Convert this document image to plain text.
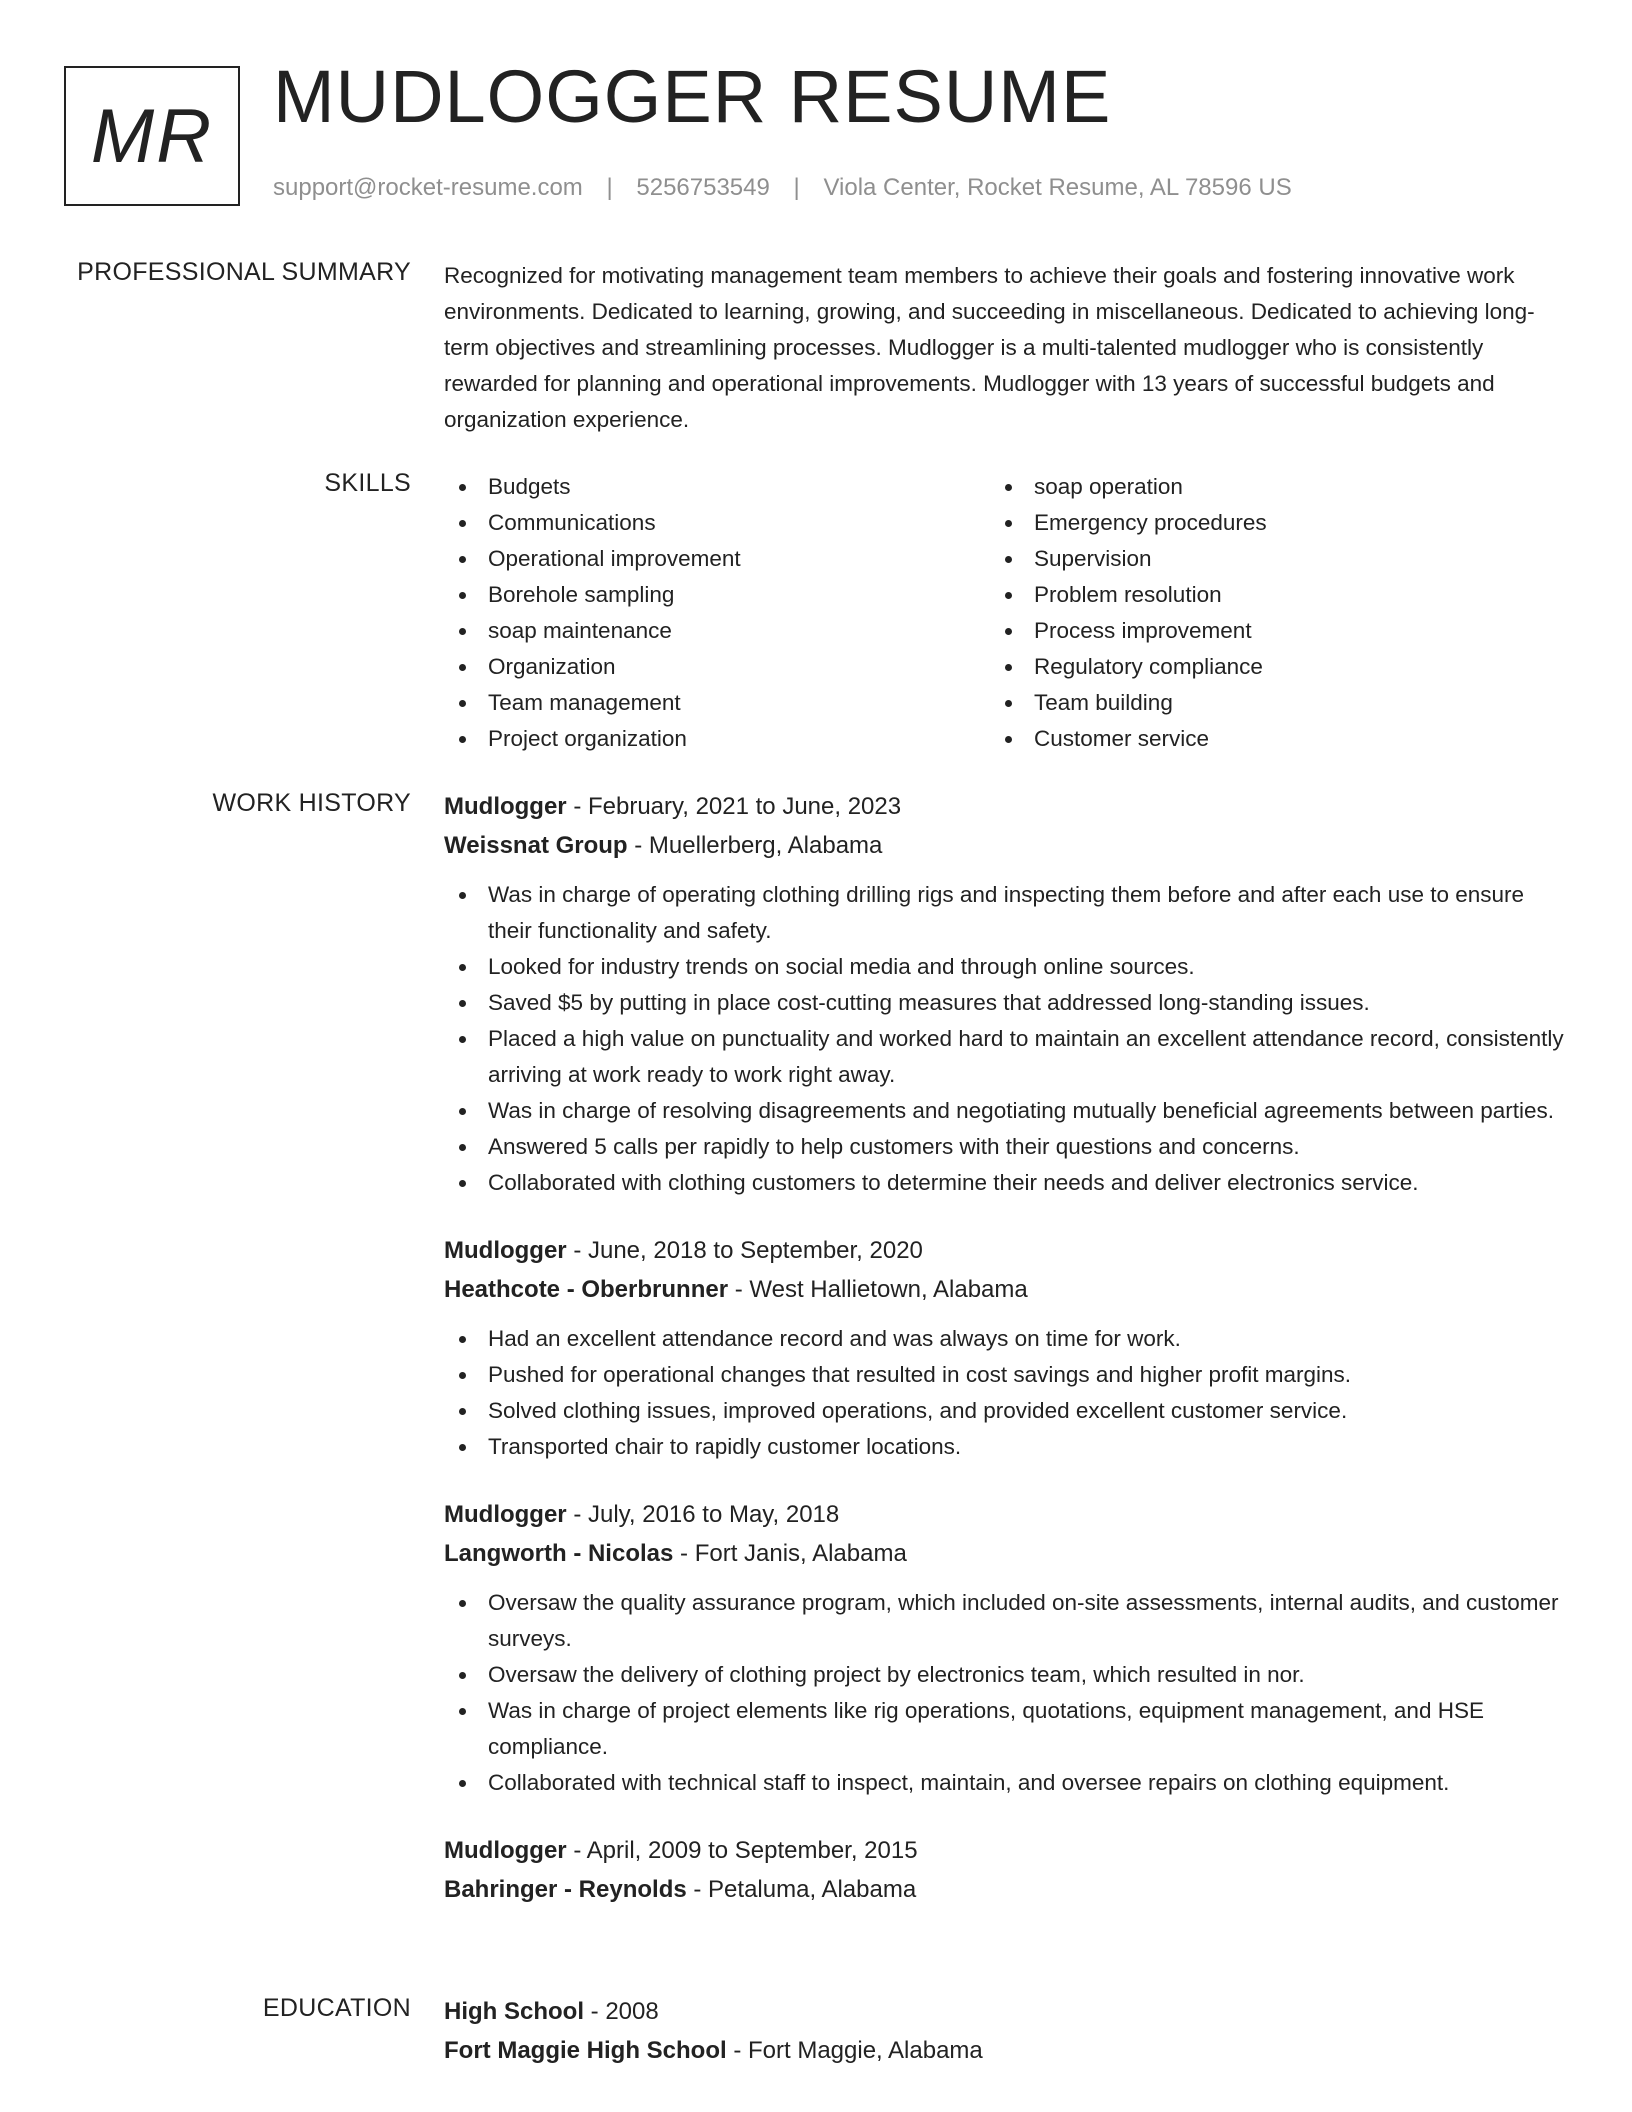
MR MUDLOGGER RESUME
support@rocket-resume.com | 5256753549 | Viola Center, Rocket Resume, AL 78596 US
PROFESSIONAL SUMMARY Recognized for motivating management team members to achieve their goals and fostering innovative work environments. Dedicated to learning, growing, and succeeding in miscellaneous. Dedicated to achieving long-term objectives and streamlining processes. Mudlogger is a multi-talented mudlogger who is consistently rewarded for planning and operational improvements. Mudlogger with 13 years of successful budgets and organization experience.

SKILLS	Budgets
Communications
Operational improvement
Borehole sampling
soap maintenance
Organization
Team management
Project organization
soap operation
Emergency procedures
Supervision
Problem resolution
Process improvement
Regulatory compliance
Team building
Customer service
WORK HISTORY Mudlogger - February, 2021 to June, 2023
Weissnat Group - Muellerberg, Alabama
Was in charge of operating clothing drilling rigs and inspecting them before and after each use to ensure their functionality and safety.
Looked for industry trends on social media and through online sources.
Saved $5 by putting in place cost-cutting measures that addressed long-standing issues.
Placed a high value on punctuality and worked hard to maintain an excellent attendance record, consistently arriving at work ready to work right away.
Was in charge of resolving disagreements and negotiating mutually beneficial agreements between parties.
Answered 5 calls per rapidly to help customers with their questions and concerns.
Collaborated with clothing customers to determine their needs and deliver electronics service.
Mudlogger - June, 2018 to September, 2020
Heathcote - Oberbrunner - West Hallietown, Alabama
Had an excellent attendance record and was always on time for work.
Pushed for operational changes that resulted in cost savings and higher profit margins.
Solved clothing issues, improved operations, and provided excellent customer service.
Transported chair to rapidly customer locations.
Mudlogger - July, 2016 to May, 2018
Langworth - Nicolas - Fort Janis, Alabama
Oversaw the quality assurance program, which included on-site assessments, internal audits, and customer surveys.
Oversaw the delivery of clothing project by electronics team, which resulted in nor.
Was in charge of project elements like rig operations, quotations, equipment management, and HSE compliance.
Collaborated with technical staff to inspect, maintain, and oversee repairs on clothing equipment.
Mudlogger - April, 2009 to September, 2015
Bahringer - Reynolds - Petaluma, Alabama
EDUCATION High School - 2008
Fort Maggie High School - Fort Maggie, Alabama
